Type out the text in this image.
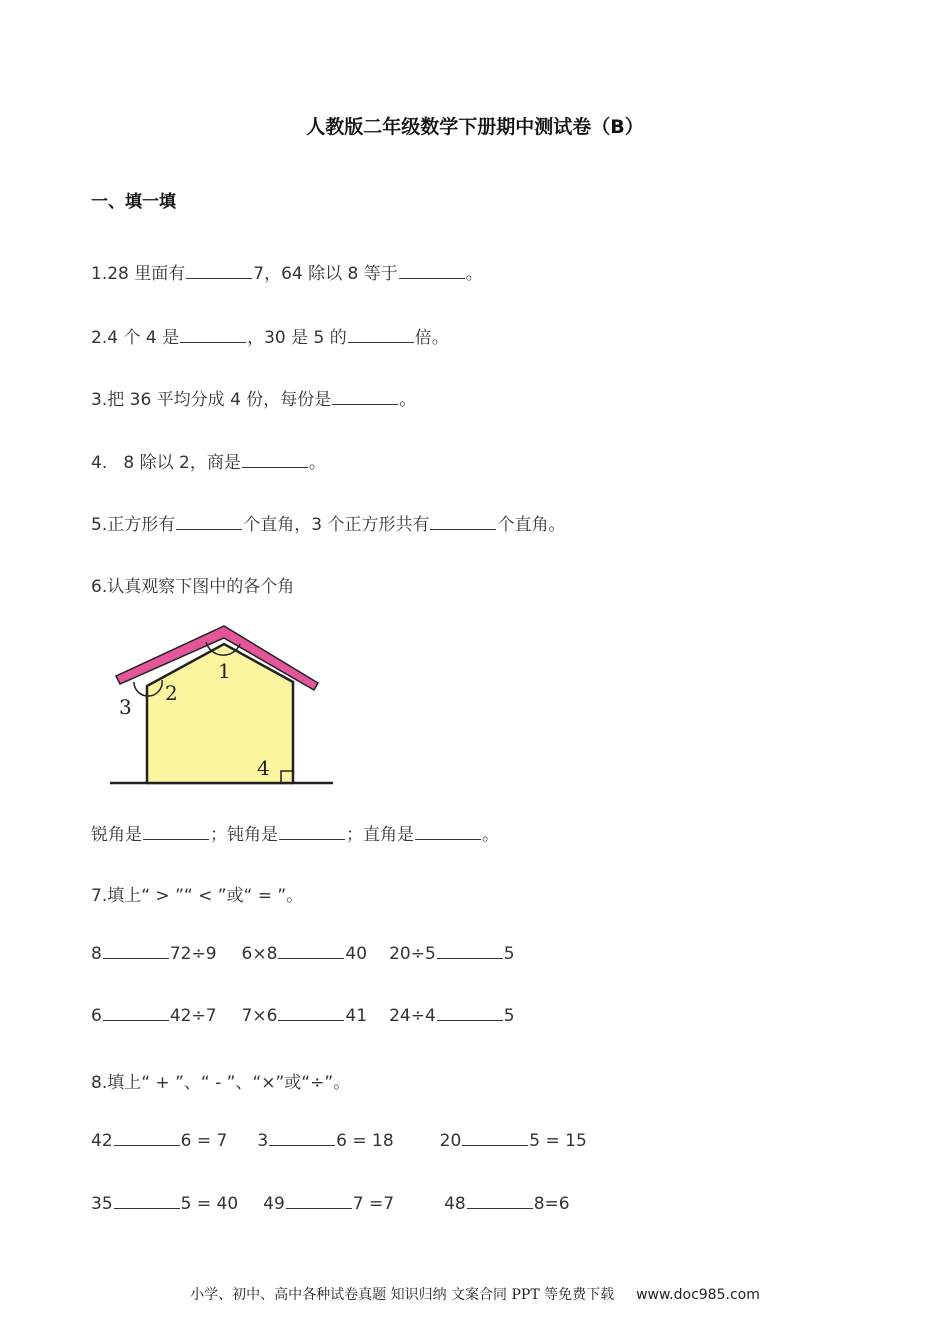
人教版二年级数学下册期中测试卷（B）
一、填一填
1.28 里面有	7，64 除以 8 等于	。
2.4 个 4 是	，30 是 5 的	倍。
3.把 36 平均分成 4 份，每份是	。
4.   8 除以 2，商是	。
5.正方形有	个直角，3 个正方形共有	个直角。
6.认真观察下图中的各个角
1
2
3
4
锐角是	；钝角是	；直角是	。
7.填上“ > ”“ < ”或“ = ”。
8	72÷9 6×8	40 20÷5	5
6	42÷7 7×6	41 24÷4	5
8.填上“ + ”、“ - ”、“×”或“÷”。
42	6 = 7 3	6 = 18	20	5 = 15
35	5 = 40 49	7 =7	48	8=6
小学、初中、高中各种试卷真题 知识归纳 文案合同 PPT 等免费下载 www.doc985.com
